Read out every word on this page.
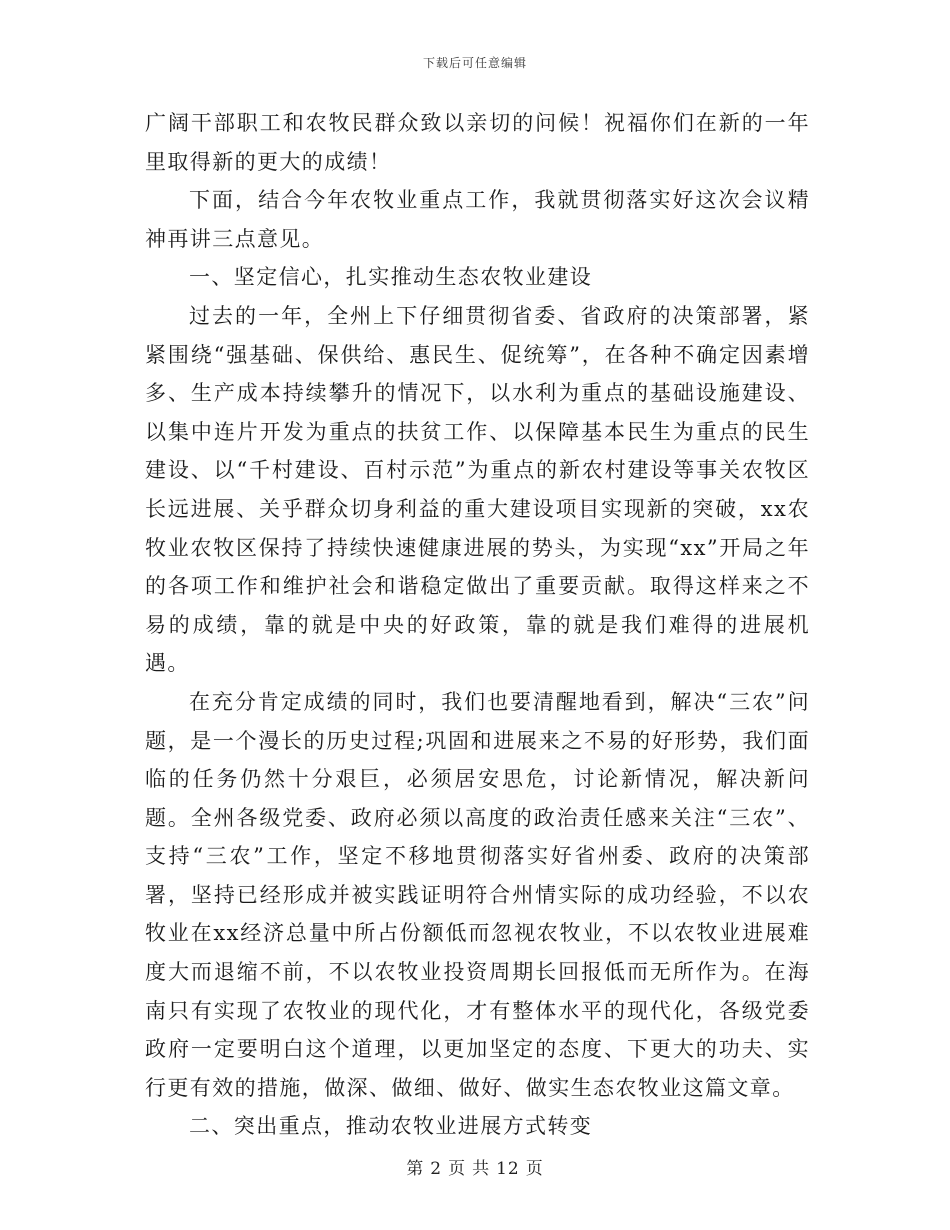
下载后可任意编辑

广阔干部职工和农牧民群众致以亲切的问候！祝福你们在新的一年里取得新的更大的成绩！

下面，结合今年农牧业重点工作，我就贯彻落实好这次会议精神再讲三点意见。

一、坚定信心，扎实推动生态农牧业建设

过去的一年，全州上下仔细贯彻省委、省政府的决策部署，紧紧围绕“强基础、保供给、惠民生、促统筹”，在各种不确定因素增多、生产成本持续攀升的情况下，以水利为重点的基础设施建设、以集中连片开发为重点的扶贫工作、以保障基本民生为重点的民生建设、以“千村建设、百村示范”为重点的新农村建设等事关农牧区长远进展、关乎群众切身利益的重大建设项目实现新的突破，xx农牧业农牧区保持了持续快速健康进展的势头，为实现“xx”开局之年的各项工作和维护社会和谐稳定做出了重要贡献。取得这样来之不易的成绩，靠的就是中央的好政策，靠的就是我们难得的进展机遇。

在充分肯定成绩的同时，我们也要清醒地看到，解决“三农”问题，是一个漫长的历史过程;巩固和进展来之不易的好形势，我们面临的任务仍然十分艰巨，必须居安思危，讨论新情况，解决新问题。全州各级党委、政府必须以高度的政治责任感来关注“三农”、支持“三农”工作，坚定不移地贯彻落实好省州委、政府的决策部署，坚持已经形成并被实践证明符合州情实际的成功经验，不以农牧业在xx经济总量中所占份额低而忽视农牧业，不以农牧业进展难度大而退缩不前，不以农牧业投资周期长回报低而无所作为。在海南只有实现了农牧业的现代化，才有整体水平的现代化，各级党委政府一定要明白这个道理，以更加坚定的态度、下更大的功夫、实行更有效的措施，做深、做细、做好、做实生态农牧业这篇文章。

二、突出重点，推动农牧业进展方式转变

第 2 页 共 12 页
